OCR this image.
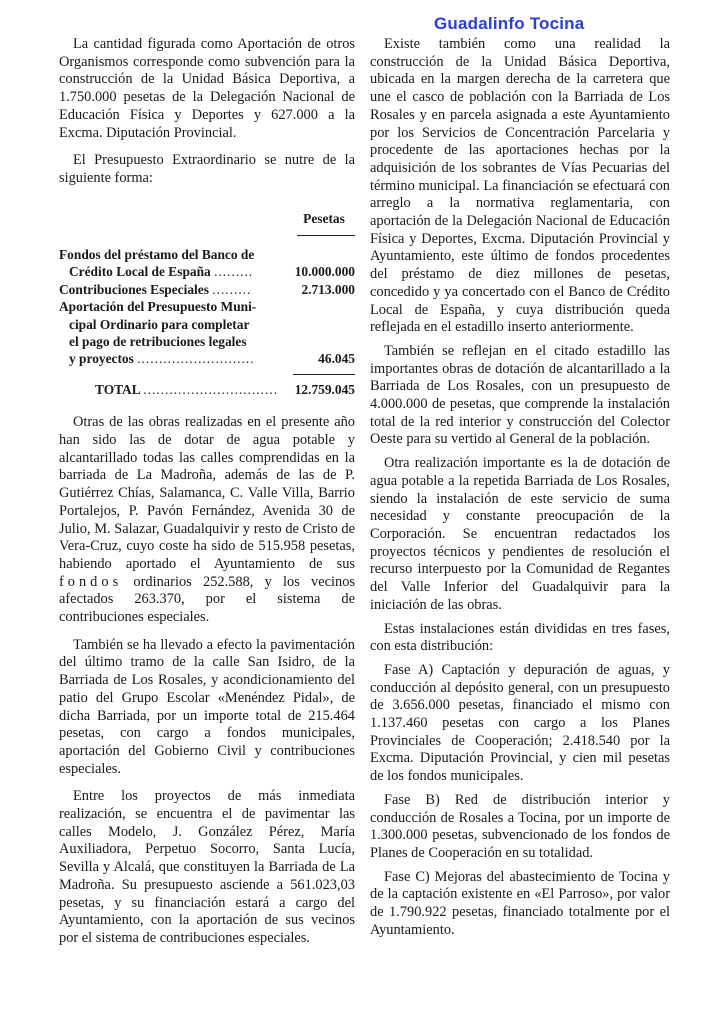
Guadalinfo Tocina

La cantidad figurada como Aportación de otros Organismos corresponde como subvención para la construcción de la Unidad Básica Deportiva, a 1.750.000 pesetas de la Delegación Nacional de Educación Física y Deportes y 627.000 a la Excma. Diputación Provincial.

El Presupuesto Extraordinario se nutre de la siguiente forma:

Pesetas
Fondos del préstamo del Banco de
Crédito Local de España .........	10.000.000
Contribuciones Especiales .........	2.713.000
Aportación del Presupuesto Muni-
cipal Ordinario para completar
el pago de retribuciones legales
y proyectos ...........................	46.045
TOTAL ...............................	12.759.045

Otras de las obras realizadas en el presente año han sido las de dotar de agua potable y alcantarillado todas las calles comprendidas en la barriada de La Madroña, además de las de P. Gutiérrez Chías, Salamanca, C. Valle Villa, Barrio Portalejos, P. Pavón Fernández, Avenida 30 de Julio, M. Salazar, Guadalquivir y resto de Cristo de Vera-Cruz, cuyo coste ha sido de 515.958 pesetas, habiendo aportado el Ayuntamiento de sus fondos ordinarios 252.588, y los vecinos afectados 263.370, por el sistema de contribuciones especiales.

También se ha llevado a efecto la pavimentación del último tramo de la calle San Isidro, de la Barriada de Los Rosales, y acondicionamiento del patio del Grupo Escolar «Menéndez Pidal», de dicha Barriada, por un importe total de 215.464 pesetas, con cargo a fondos municipales, aportación del Gobierno Civil y contribuciones especiales.

Entre los proyectos de más inmediata realización, se encuentra el de pavimentar las calles Modelo, J. González Pérez, María Auxiliadora, Perpetuo Socorro, Santa Lucía, Sevilla y Alcalá, que constituyen la Barriada de La Madroña. Su presupuesto asciende a 561.023,03 pesetas, y su financiación estará a cargo del Ayuntamiento, con la aportación de sus vecinos por el sistema de contribuciones especiales.

Existe también como una realidad la construcción de la Unidad Básica Deportiva, ubicada en la margen derecha de la carretera que une el casco de población con la Barriada de Los Rosales y en parcela asignada a este Ayuntamiento por los Servicios de Concentración Parcelaria y procedente de las aportaciones hechas por la adquisición de los sobrantes de Vías Pecuarias del término municipal. La financiación se efectuará con arreglo a la normativa reglamentaria, con aportación de la Delegación Nacional de Educación Física y Deportes, Excma. Diputación Provincial y Ayuntamiento, este último de fondos procedentes del préstamo de diez millones de pesetas, concedido y ya concertado con el Banco de Crédito Local de España, y cuya distribución queda reflejada en el estadillo inserto anteriormente.

También se reflejan en el citado estadillo las importantes obras de dotación de alcantarillado a la Barriada de Los Rosales, con un presupuesto de 4.000.000 de pesetas, que comprende la instalación total de la red interior y construcción del Colector Oeste para su vertido al General de la población.

Otra realización importante es la de dotación de agua potable a la repetida Barriada de Los Rosales, siendo la instalación de este servicio de suma necesidad y constante preocupación de la Corporación. Se encuentran redactados los proyectos técnicos y pendientes de resolución el recurso interpuesto por la Comunidad de Regantes del Valle Inferior del Guadalquivir para la iniciación de las obras.

Estas instalaciones están divididas en tres fases, con esta distribución:

Fase A) Captación y depuración de aguas, y conducción al depósito general, con un presupuesto de 3.656.000 pesetas, financiado el mismo con 1.137.460 pesetas con cargo a los Planes Provinciales de Cooperación; 2.418.540 por la Excma. Diputación Provincial, y cien mil pesetas de los fondos municipales.

Fase B) Red de distribución interior y conducción de Rosales a Tocina, por un importe de 1.300.000 pesetas, subvencionado de los fondos de Planes de Cooperación en su totalidad.

Fase C) Mejoras del abastecimiento de Tocina y de la captación existente en «El Parroso», por valor de 1.790.922 pesetas, financiado totalmente por el Ayuntamiento.
